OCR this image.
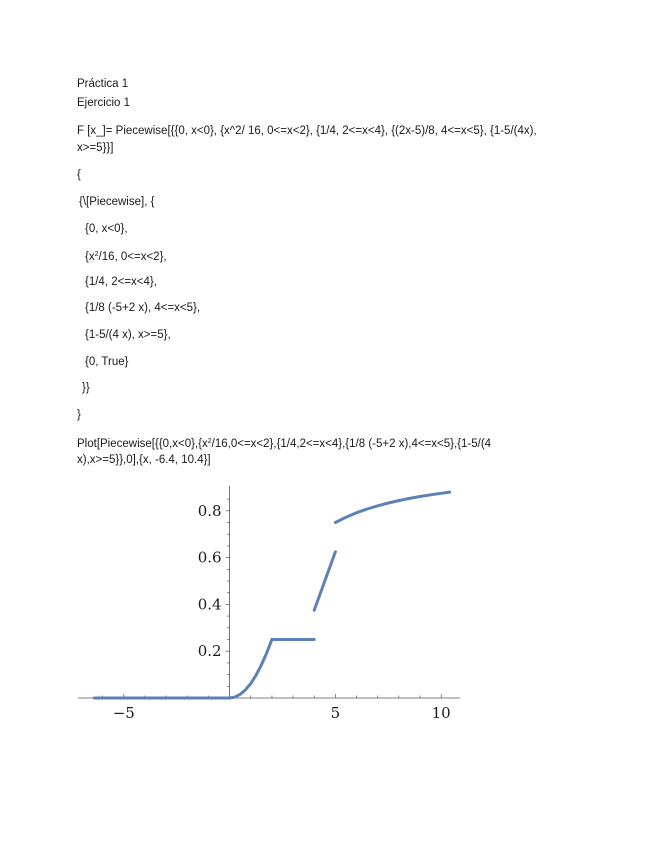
Práctica 1
Ejercicio 1
F [x_]= Piecewise[{{0, x<0}, {x^2/ 16, 0<=x<2}, {1/4, 2<=x<4}, {(2x-5)/8, 4<=x<5}, {1-5/(4x),
x>=5}}]
{
{\[Piecewise], {
{0, x<0},
{$x^2/16$, 0<=x<2},
{1/4, 2<=x<4},
{1/8 (-5+2 x), 4<=x<5},
{1-5/(4 x), x>=5},
{0, True}
}}
}
$Plot[Piecewise[\{\{0,x<0\},\{x^2/16,0<=x<2\},\{1/4,2<=x<4\},\{1/8$ (-5+2 x),4<=x<5},{1-5/(4
x),x>=5}},0],{x, -6.4, 10.4}]
−5	5	10
0.2
0.4
0.6
0.8
